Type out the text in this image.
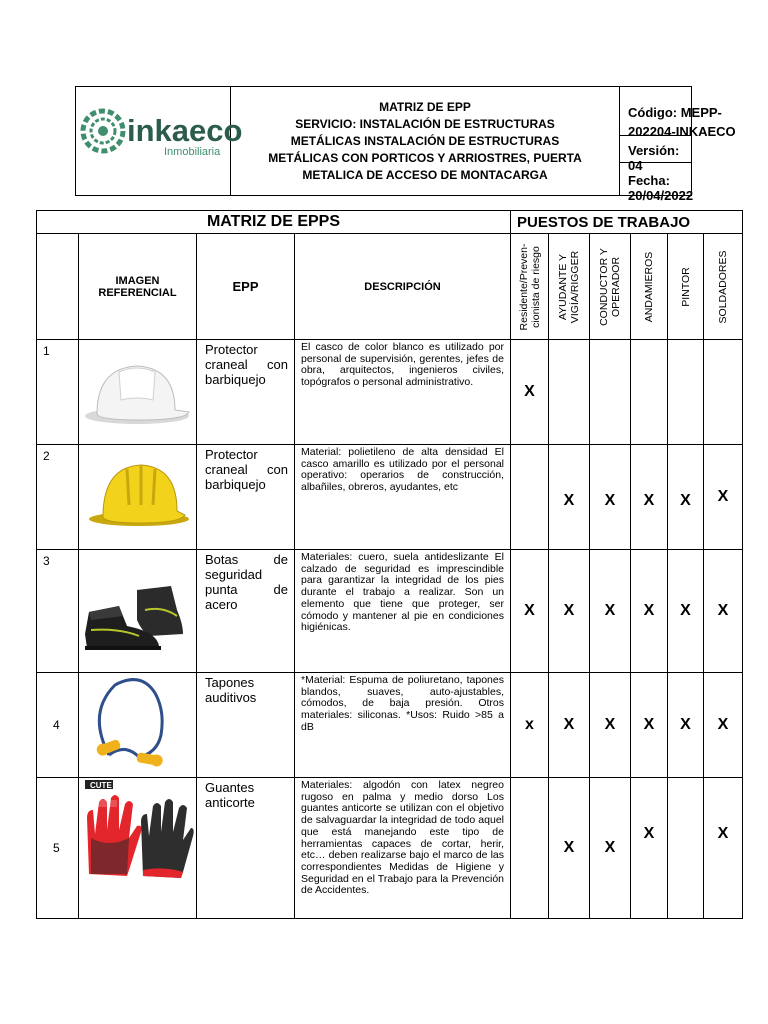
inkaeco
Inmobiliaria
MATRIZ DE EPP
SERVICIO: INSTALACIÓN DE ESTRUCTURAS
METÁLICAS INSTALACIÓN DE ESTRUCTURAS
METÁLICAS CON PORTICOS Y ARRIOSTRES, PUERTA
METALICA DE ACCESO DE MONTACARGA
Código: MEPP-202204-INKAECO
Versión: 04
Fecha: 20/04/2022
MATRIZ DE EPPS				PUESTOS DE TRABAJO					
	IMAGEN REFERENCIAL	EPP	DESCRIPCIÓN	Residente/Preven-cionista de riesgo	AYUDANTE Y VIGÍA/RIGGER	CONDUCTOR Y OPERADOR	ANDAMIEROS	PINTOR	SOLDADORES

1		Protector craneal con barbiquejo	El casco de color blanco es utilizado por personal de supervisión, gerentes, jefes de obra, arquitectos, ingenieros civiles, topógrafos o personal administrativo.	X					
2		Protector craneal con barbiquejo	Material: polietileno de alta densidad El casco amarillo es utilizado por el personal operativo: operarios de construcción, albañiles, obreros, ayudantes, etc		X	X	X	X	X
3		Botas de seguridad punta de acero	Materiales: cuero, suela antideslizante El calzado de seguridad es imprescindible para garantizar la integridad de los pies durante el trabajo a realizar. Son un elemento que tiene que proteger, ser cómodo y mantener al pie en condiciones higiénicas.	X	X	X	X	X	X
4		Tapones auditivos	*Material: Espuma de poliuretano, tapones blandos, suaves, auto-ajustables, cómodos, de baja presión. Otros materiales: siliconas. *Usos: Ruido >85 a dB	x	X	X	X	X	X
5	CUTE	Guantes anticorte	Materiales: algodón con latex negreo rugoso en palma y medio dorso Los guantes anticorte se utilizan con el objetivo de salvaguardar la integridad de todo aquel que está manejando este tipo de herramientas capaces de cortar, herir, etc… deben realizarse bajo el marco de las correspondientes Medidas de Higiene y Seguridad en el Trabajo para la Prevención de Accidentes.		X	X	X		X
